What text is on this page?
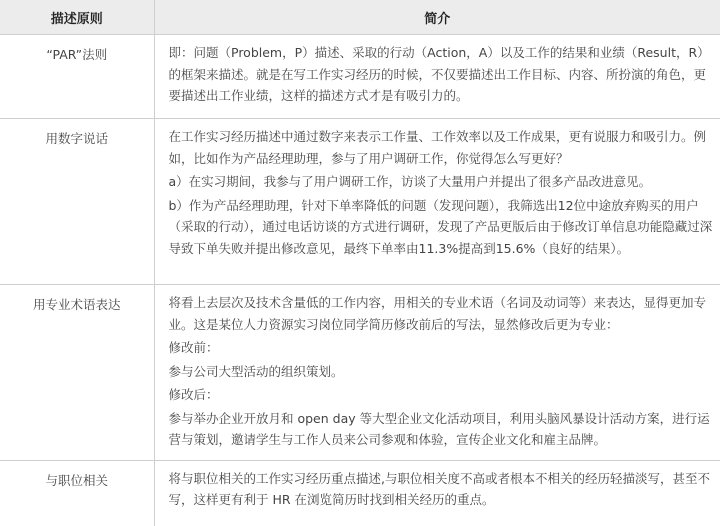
描述原则	简介
“PAR”法则	即：问题（Problem，P）描述、采取的行动（Action，A）以及工作的结果和业绩（Result，R）的框架来描述。就是在写工作实习经历的时候，不仅要描述出工作目标、内容、所扮演的角色，更要描述出工作业绩，这样的描述方式才是有吸引力的。

用数字说话	在工作实习经历描述中通过数字来表示工作量、工作效率以及工作成果，更有说服力和吸引力。例如，比如作为产品经理助理，参与了用户调研工作，你觉得怎么写更好？

a）在实习期间，我参与了用户调研工作，访谈了大量用户并提出了很多产品改进意见。

b）作为产品经理助理，针对下单率降低的问题（发现问题），我筛选出12位中途放弃购买的用户（采取的行动），通过电话访谈的方式进行调研，发现了产品更版后由于修改订单信息功能隐藏过深导致下单失败并提出修改意见，最终下单率由11.3%提高到15.6%（良好的结果）。

用专业术语表达	将看上去层次及技术含量低的工作内容，用相关的专业术语（名词及动词等）来表达，显得更加专业。这是某位人力资源实习岗位同学简历修改前后的写法，显然修改后更为专业：

修改前：

参与公司大型活动的组织策划。

修改后：

参与举办企业开放月和 open day 等大型企业文化活动项目，利用头脑风暴设计活动方案，进行运营与策划，邀请学生与工作人员来公司参观和体验，宣传企业文化和雇主品牌。

与职位相关	将与职位相关的工作实习经历重点描述,与职位相关度不高或者根本不相关的经历轻描淡写，甚至不写，这样更有利于 HR 在浏览简历时找到相关经历的重点。
